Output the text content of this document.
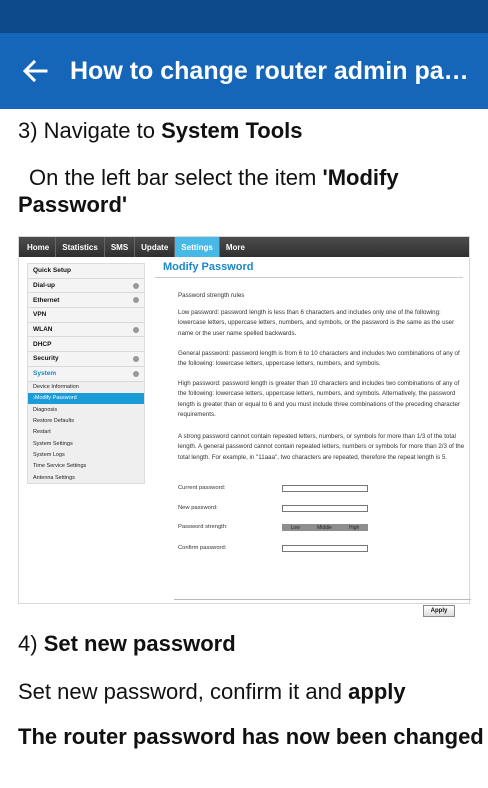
How to change router admin pa…
3) Navigate to System Tools
On the left bar select the item 'Modify Password'
Home	Statistics	SMS	Update	Settings	More
Quick Setup
Dial-up
Ethernet
VPN
WLAN
DHCP
Security
System
Device Information
›Modify Password
Diagnosis
Restore Defaults
Restart
System Settings
System Logs
Time Service Settings
Antenna Settings
Modify Password
Password strength rules
Low password: password length is less than 6 characters and includes only one of the following: lowercase letters, uppercase letters, numbers, and symbols, or the password is the same as the user name or the user name spelled backwards.
General password: password length is from 6 to 10 characters and includes two combinations of any of the following: lowercase letters, uppercase letters, numbers, and symbols.
High password: password length is greater than 10 characters and includes two combinations of any of the following: lowercase letters, uppercase letters, numbers, and symbols. Alternatively, the password length is greater than or equal to 6 and you must include three combinations of the preceding character requirements.
A strong password cannot contain repeated letters, numbers, or symbols for more than 1/3 of the total length. A general password cannot contain repeated letters, numbers or symbols for more than 2/3 of the total length. For example, in "11aaa", two characters are repeated, therefore the repeat length is 5.
Current password:
New password:
Password strength:	Low	Middle	High
Confirm password:
Apply
4) Set new password
Set new password, confirm it and apply
The router password has now been changed
